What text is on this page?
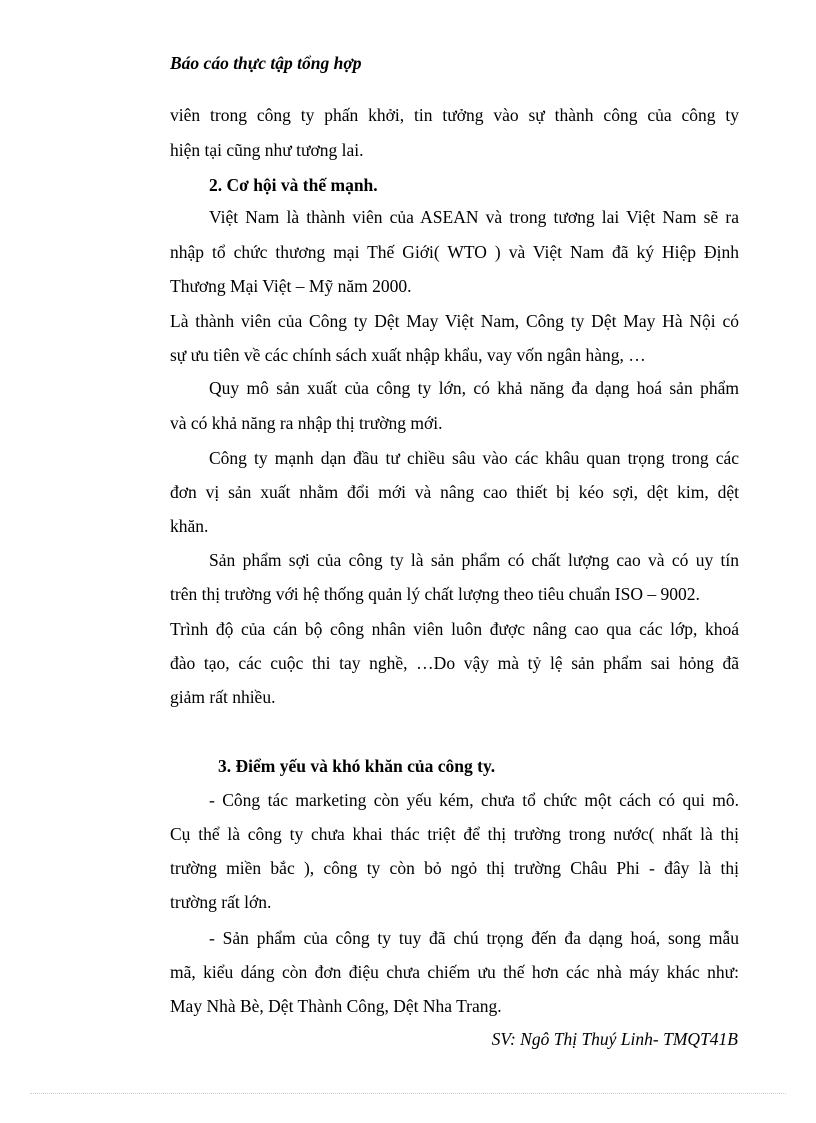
Báo cáo thực tập tổng hợp
viên trong công ty phấn khởi, tin tưởng vào sự thành công của công ty
hiện tại cũng như tương lai.
2. Cơ hội và thế mạnh.
Việt Nam là thành viên của ASEAN và trong tương lai Việt Nam sẽ ra
nhập tổ chức thương mại Thế Giới( WTO ) và Việt Nam đã ký Hiệp Định
Thương Mại Việt – Mỹ năm 2000.
Là thành viên của Công ty Dệt May Việt Nam, Công ty Dệt May Hà Nội có
sự ưu tiên về các chính sách xuất nhập khẩu, vay vốn ngân hàng, …
Quy mô sản xuất của công ty lớn, có khả năng đa dạng hoá sản phẩm
và có khả năng ra nhập thị trường mới.
Công ty mạnh dạn đầu tư chiều sâu vào các khâu quan trọng trong các
đơn vị sản xuất nhằm đổi mới và nâng cao thiết bị kéo sợi, dệt kim, dệt
khăn.
Sản phẩm sợi của công ty là sản phẩm có chất lượng cao và có uy tín
trên thị trường với hệ thống quản lý chất lượng theo tiêu chuẩn ISO – 9002.
Trình độ của cán bộ công nhân viên luôn được nâng cao qua các lớp, khoá
đào tạo, các cuộc thi tay nghề, …Do vậy mà tỷ lệ sản phẩm sai hỏng đã
giảm rất nhiều.
3. Điểm yếu và khó khăn của công ty.
- Công tác marketing còn yếu kém, chưa tổ chức một cách có qui mô.
Cụ thể là công ty chưa khai thác triệt để thị trường trong nước( nhất là thị
trường miền bắc ), công ty còn bỏ ngỏ thị trường Châu Phi - đây là thị
trường rất lớn.
- Sản phẩm của công ty tuy đã chú trọng đến đa dạng hoá, song mẫu
mã, kiểu dáng còn đơn điệu chưa chiếm ưu thế hơn các nhà máy khác như:
May Nhà Bè, Dệt Thành Công, Dệt Nha Trang.
SV: Ngô Thị Thuý Linh- TMQT41B
